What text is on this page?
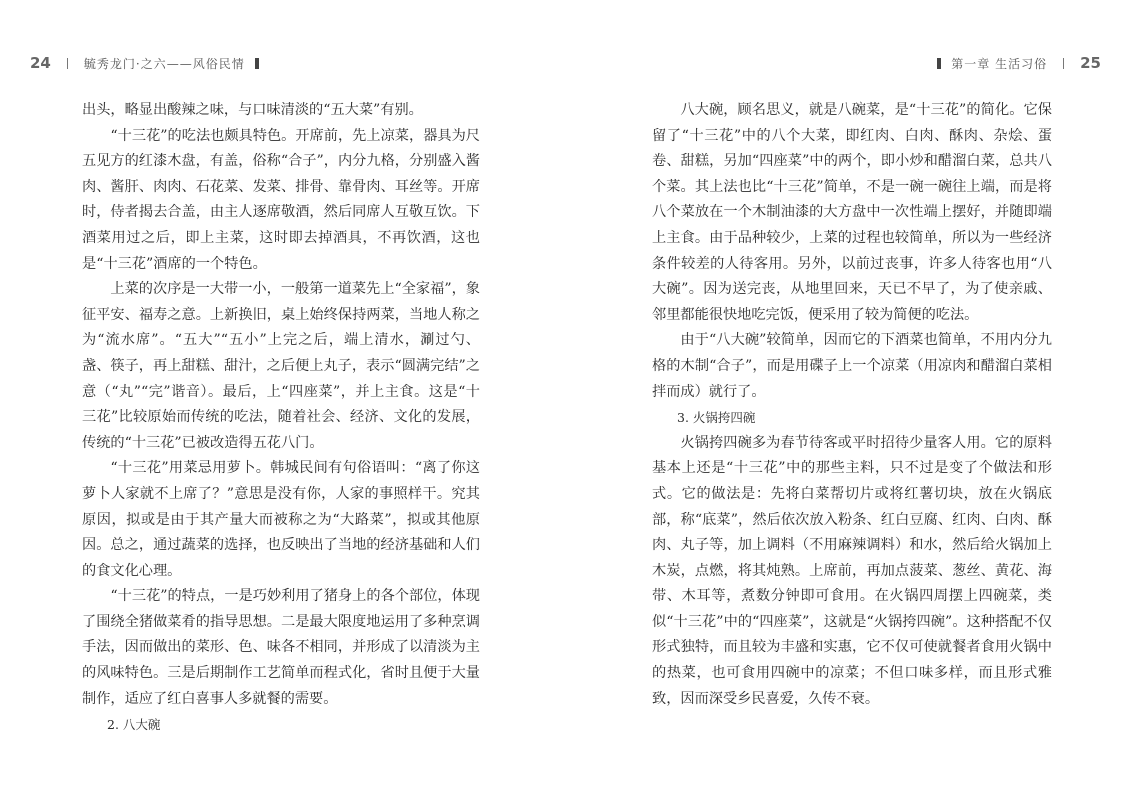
24	毓秀龙门·之六——风俗民情

出头，略显出酸辣之味，与口味清淡的“五大菜”有别。

“十三花”的吃法也颇具特色。开席前，先上凉菜，器具为尺五见方的红漆木盘，有盖，俗称“合子”，内分九格，分别盛入酱肉、酱肝、肉肉、石花菜、发菜、排骨、靠骨肉、耳丝等。开席时，侍者揭去合盖，由主人逐席敬酒，然后同席人互敬互饮。下酒菜用过之后，即上主菜，这时即去掉酒具，不再饮酒，这也是“十三花”酒席的一个特色。

上菜的次序是一大带一小，一般第一道菜先上“全家福”，象征平安、福寿之意。上新换旧，桌上始终保持两菜，当地人称之为“流水席”。“五大”“五小”上完之后，端上清水，涮过勺、盏、筷子，再上甜糕、甜汁，之后便上丸子，表示“圆满完结”之意（“丸”“完”谐音）。最后，上“四座菜”，并上主食。这是“十三花”比较原始而传统的吃法，随着社会、经济、文化的发展，传统的“十三花”已被改造得五花八门。

“十三花”用菜忌用萝卜。韩城民间有句俗语叫：“离了你这萝卜人家就不上席了？”意思是没有你，人家的事照样干。究其原因，拟或是由于其产量大而被称之为“大路菜”，拟或其他原因。总之，通过蔬菜的选择，也反映出了当地的经济基础和人们的食文化心理。

“十三花”的特点，一是巧妙利用了猪身上的各个部位，体现了围绕全猪做菜肴的指导思想。二是最大限度地运用了多种烹调手法，因而做出的菜形、色、味各不相同，并形成了以清淡为主的风味特色。三是后期制作工艺简单而程式化，省时且便于大量制作，适应了红白喜事人多就餐的需要。

2. 八大碗

第一章 生活习俗 25

八大碗，顾名思义，就是八碗菜，是“十三花”的简化。它保留了“十三花”中的八个大菜，即红肉、白肉、酥肉、杂烩、蛋卷、甜糕，另加“四座菜”中的两个，即小炒和醋溜白菜，总共八个菜。其上法也比“十三花”简单，不是一碗一碗往上端，而是将八个菜放在一个木制油漆的大方盘中一次性端上摆好，并随即端上主食。由于品种较少，上菜的过程也较简单，所以为一些经济条件较差的人待客用。另外，以前过丧事，许多人待客也用“八大碗”。因为送完丧，从地里回来，天已不早了，为了使亲戚、邻里都能很快地吃完饭，便采用了较为简便的吃法。

由于“八大碗”较简单，因而它的下酒菜也简单，不用内分九格的木制“合子”，而是用碟子上一个凉菜（用凉肉和醋溜白菜相拌而成）就行了。

3. 火锅挎四碗

火锅挎四碗多为春节待客或平时招待少量客人用。它的原料基本上还是“十三花”中的那些主料，只不过是变了个做法和形式。它的做法是：先将白菜帮切片或将红薯切块，放在火锅底部，称“底菜”，然后依次放入粉条、红白豆腐、红肉、白肉、酥肉、丸子等，加上调料（不用麻辣调料）和水，然后给火锅加上木炭，点燃，将其炖熟。上席前，再加点菠菜、葱丝、黄花、海带、木耳等，煮数分钟即可食用。在火锅四周摆上四碗菜，类似“十三花”中的“四座菜”，这就是“火锅挎四碗”。这种搭配不仅形式独特，而且较为丰盛和实惠，它不仅可使就餐者食用火锅中的热菜，也可食用四碗中的凉菜；不但口味多样，而且形式雅致，因而深受乡民喜爱，久传不衰。
